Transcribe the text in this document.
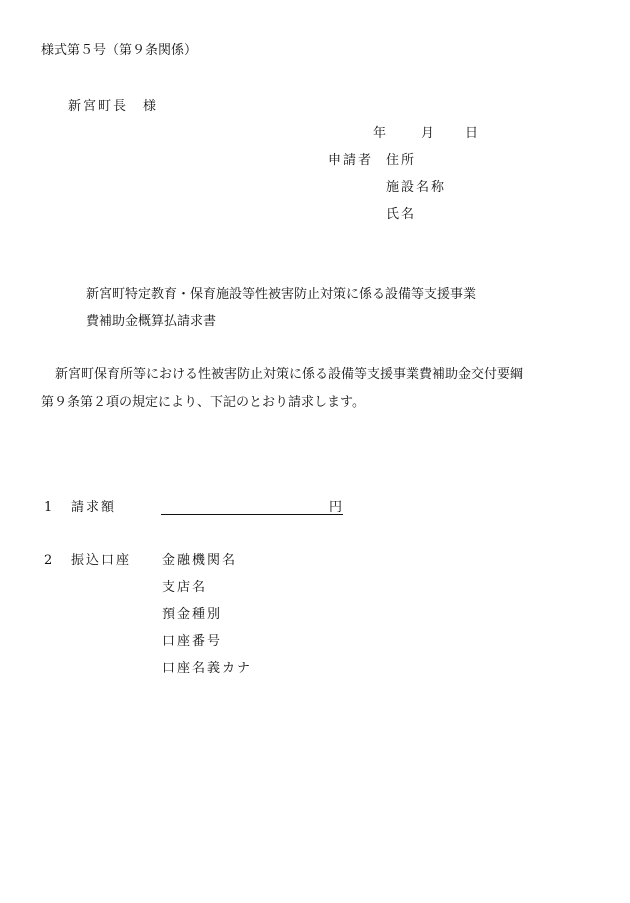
様式第５号（第９条関係）
新宮町長　様
年	月 日
申請者 住所
施設名称
氏名
新宮町特定教育・保育施設等性被害防止対策に係る設備等支援事業
費補助金概算払請求書
新宮町保育所等における性被害防止対策に係る設備等支援事業費補助金交付要綱
第９条第２項の規定により、下記のとおり請求します。
1 請求額	円
2 振込口座 金融機関名
支店名
預金種別
口座番号
口座名義カナ
